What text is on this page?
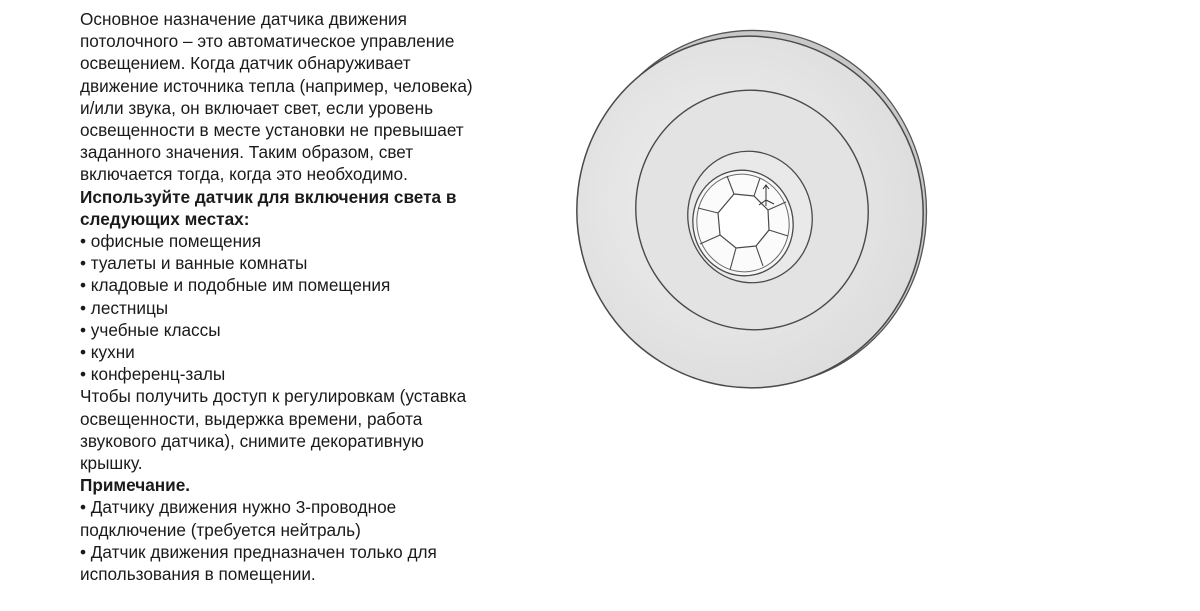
Основное назначение датчика движения потолочного – это автоматическое управление освещением. Когда датчик обнаруживает движение источника тепла (например, человека) и/или звука, он включает свет, если уровень освещенности в месте установки не превышает заданного значения. Таким образом, свет включается тогда, когда это необходимо.

Используйте датчик для включения света в следующих местах:

• офисные помещения
• туалеты и ванные комнаты
• кладовые и подобные им помещения
• лестницы
• учебные классы
• кухни
• конференц-залы

Чтобы получить доступ к регулировкам (уставка освещенности, выдержка времени, работа звукового датчика), снимите декоративную крышку.

Примечание.

• Датчику движения нужно 3-проводное подключение (требуется нейтраль)
• Датчик движения предназначен только для использования в помещении.
